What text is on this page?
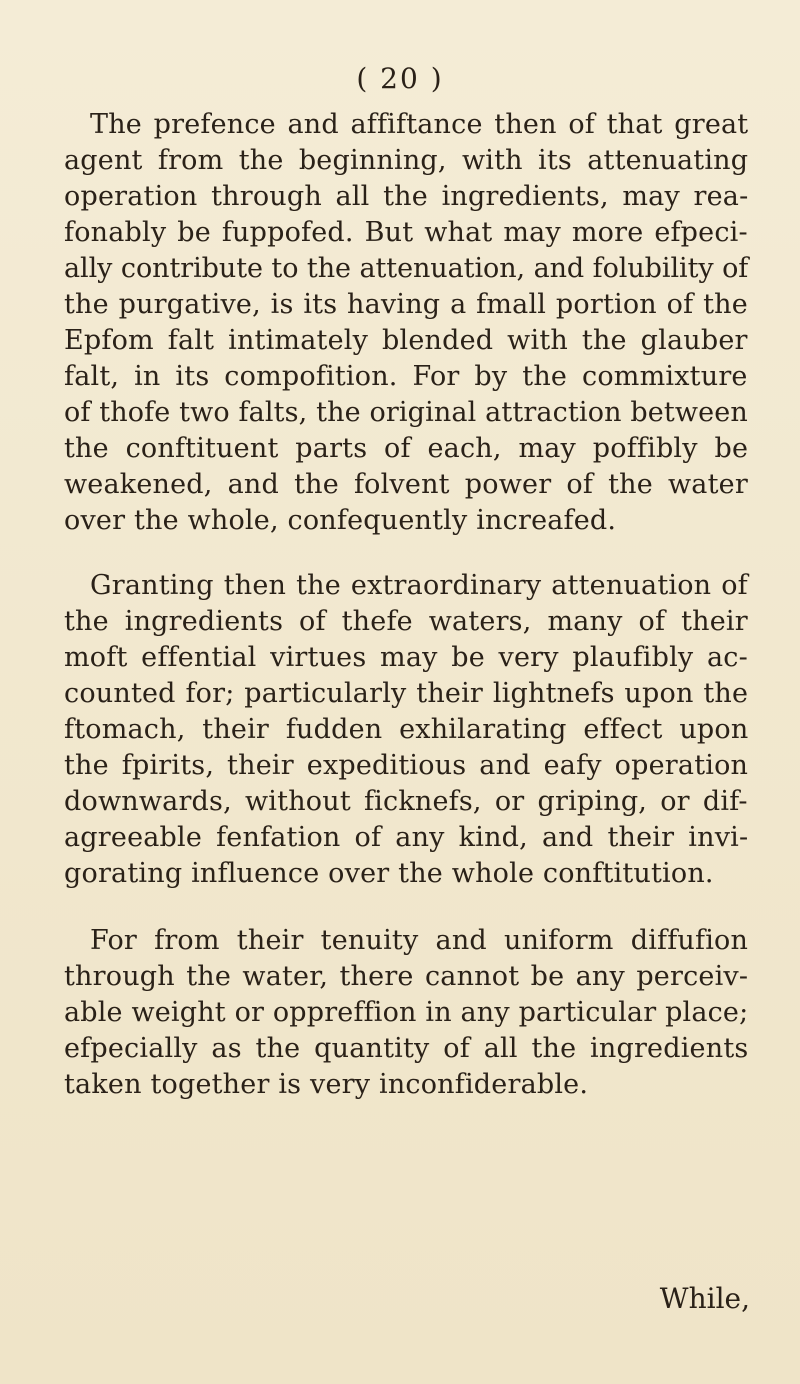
( 20 )
The prefence and affiftance then of that great
agent from the beginning, with its attenuating
operation through all the ingredients, may rea-
fonably be fuppofed. But what may more efpeci-
ally contribute to the attenuation, and folubility of
the purgative, is its having a fmall portion of the
Epfom falt intimately blended with the glauber
falt, in its compofition. For by the commixture
of thofe two falts, the original attraction between
the conftituent parts of each, may poffibly be
weakened, and the folvent power of the water
over the whole, confequently increafed.
Granting then the extraordinary attenuation of
the ingredients of thefe waters, many of their
moft effential virtues may be very plaufibly ac-
counted for; particularly their lightnefs upon the
ftomach, their fudden exhilarating effect upon
the fpirits, their expeditious and eafy operation
downwards, without ficknefs, or griping, or dif-
agreeable fenfation of any kind, and their invi-
gorating influence over the whole conftitution.
For from their tenuity and uniform diffufion
through the water, there cannot be any perceiv-
able weight or oppreffion in any particular place;
efpecially as the quantity of all the ingredients
taken together is very inconfiderable.
While,
